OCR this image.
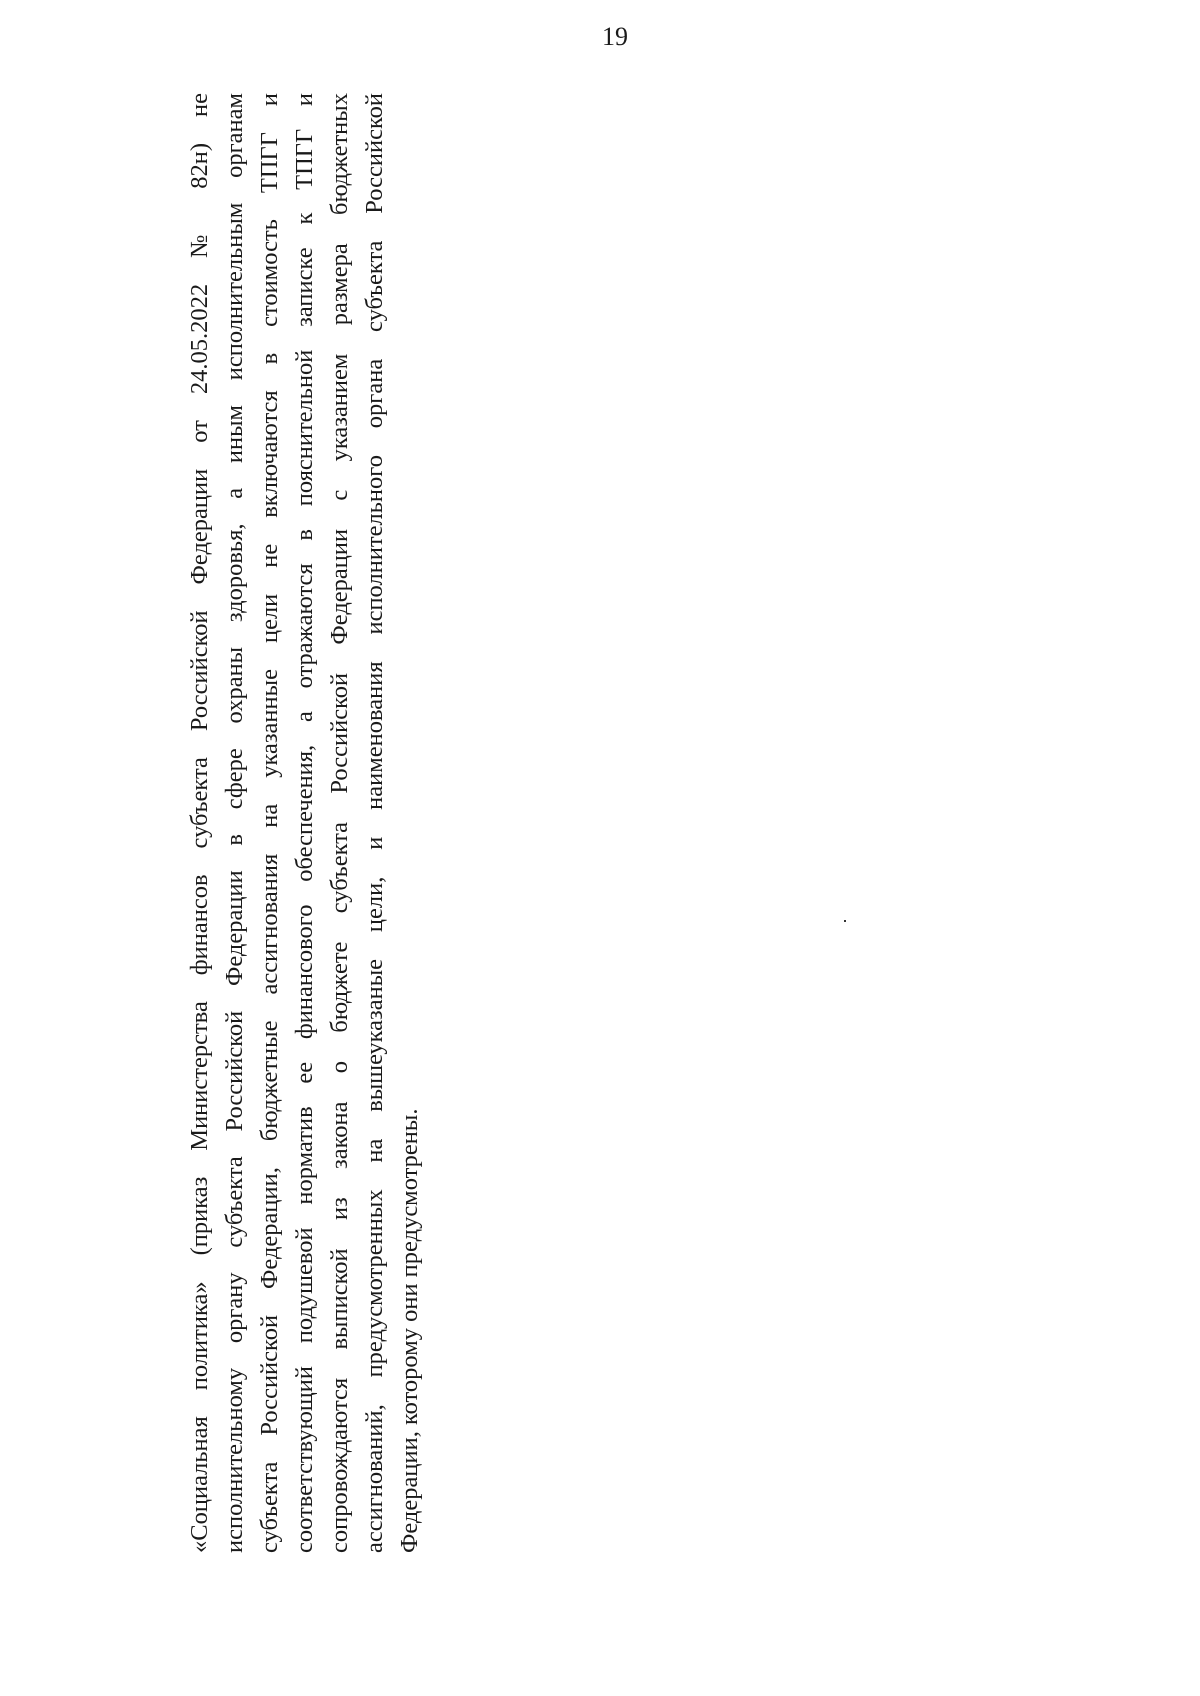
19

«Социальная политика» (приказ Министерства финансов субъекта Российской Федерации от 24.05.2022 № 82н) не исполнительному органу субъекта Российской Федерации в сфере охраны здоровья, а иным исполнительным органам субъекта Российской Федерации, бюджетные ассигнования на указанные цели не включаются в стоимость ТПГГ и соответствующий подушевой норматив ее финансового обеспечения, а отражаются в пояснительной записке к ТПГГ и сопровождаются выпиской из закона о бюджете субъекта Российской Федерации с указанием размера бюджетных ассигнований, предусмотренных на вышеуказаные цели, и наименования исполнительного органа субъекта Российской Федерации, которому они предусмотрены.
